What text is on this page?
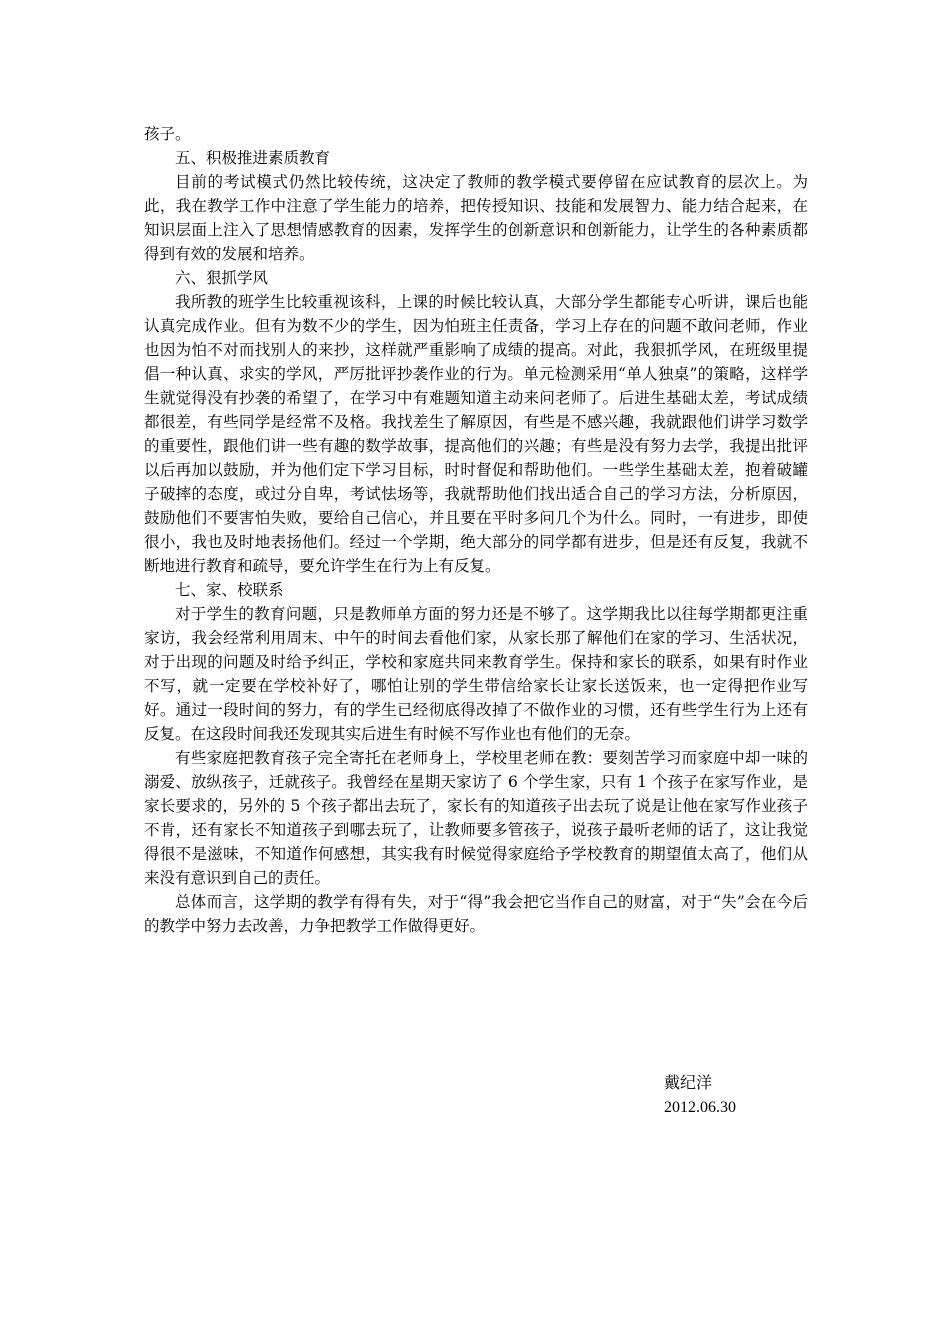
孩子。

五、积极推进素质教育

目前的考试模式仍然比较传统，这决定了教师的教学模式要停留在应试教育的层次上。为此，我在教学工作中注意了学生能力的培养，把传授知识、技能和发展智力、能力结合起来，在知识层面上注入了思想情感教育的因素，发挥学生的创新意识和创新能力，让学生的各种素质都得到有效的发展和培养。

六、狠抓学风

我所教的班学生比较重视该科，上课的时候比较认真，大部分学生都能专心听讲，课后也能认真完成作业。但有为数不少的学生，因为怕班主任责备，学习上存在的问题不敢问老师，作业也因为怕不对而找别人的来抄，这样就严重影响了成绩的提高。对此，我狠抓学风，在班级里提倡一种认真、求实的学风，严厉批评抄袭作业的行为。单元检测采用“单人独桌”的策略，这样学生就觉得没有抄袭的希望了，在学习中有难题知道主动来问老师了。后进生基础太差，考试成绩都很差，有些同学是经常不及格。我找差生了解原因，有些是不感兴趣，我就跟他们讲学习数学的重要性，跟他们讲一些有趣的数学故事，提高他们的兴趣；有些是没有努力去学，我提出批评以后再加以鼓励，并为他们定下学习目标，时时督促和帮助他们。一些学生基础太差，抱着破罐子破摔的态度，或过分自卑，考试怯场等，我就帮助他们找出适合自己的学习方法，分析原因，鼓励他们不要害怕失败，要给自己信心，并且要在平时多问几个为什么。同时，一有进步，即使很小，我也及时地表扬他们。经过一个学期，绝大部分的同学都有进步，但是还有反复，我就不断地进行教育和疏导，要允许学生在行为上有反复。

七、家、校联系

对于学生的教育问题，只是教师单方面的努力还是不够了。这学期我比以往每学期都更注重家访，我会经常利用周末、中午的时间去看他们家，从家长那了解他们在家的学习、生活状况，对于出现的问题及时给予纠正，学校和家庭共同来教育学生。保持和家长的联系，如果有时作业不写，就一定要在学校补好了，哪怕让别的学生带信给家长让家长送饭来，也一定得把作业写好。通过一段时间的努力，有的学生已经彻底得改掉了不做作业的习惯，还有些学生行为上还有反复。在这段时间我还发现其实后进生有时候不写作业也有他们的无奈。

有些家庭把教育孩子完全寄托在老师身上，学校里老师在教：要刻苦学习而家庭中却一味的溺爱、放纵孩子，迁就孩子。我曾经在星期天家访了 6 个学生家，只有 1 个孩子在家写作业，是家长要求的，另外的 5 个孩子都出去玩了，家长有的知道孩子出去玩了说是让他在家写作业孩子不肯，还有家长不知道孩子到哪去玩了，让教师要多管孩子，说孩子最听老师的话了，这让我觉得很不是滋味，不知道作何感想，其实我有时候觉得家庭给予学校教育的期望值太高了，他们从来没有意识到自己的责任。

总体而言，这学期的教学有得有失，对于“得”我会把它当作自己的财富，对于“失”会在今后的教学中努力去改善，力争把教学工作做得更好。

戴纪洋
2012.06.30
